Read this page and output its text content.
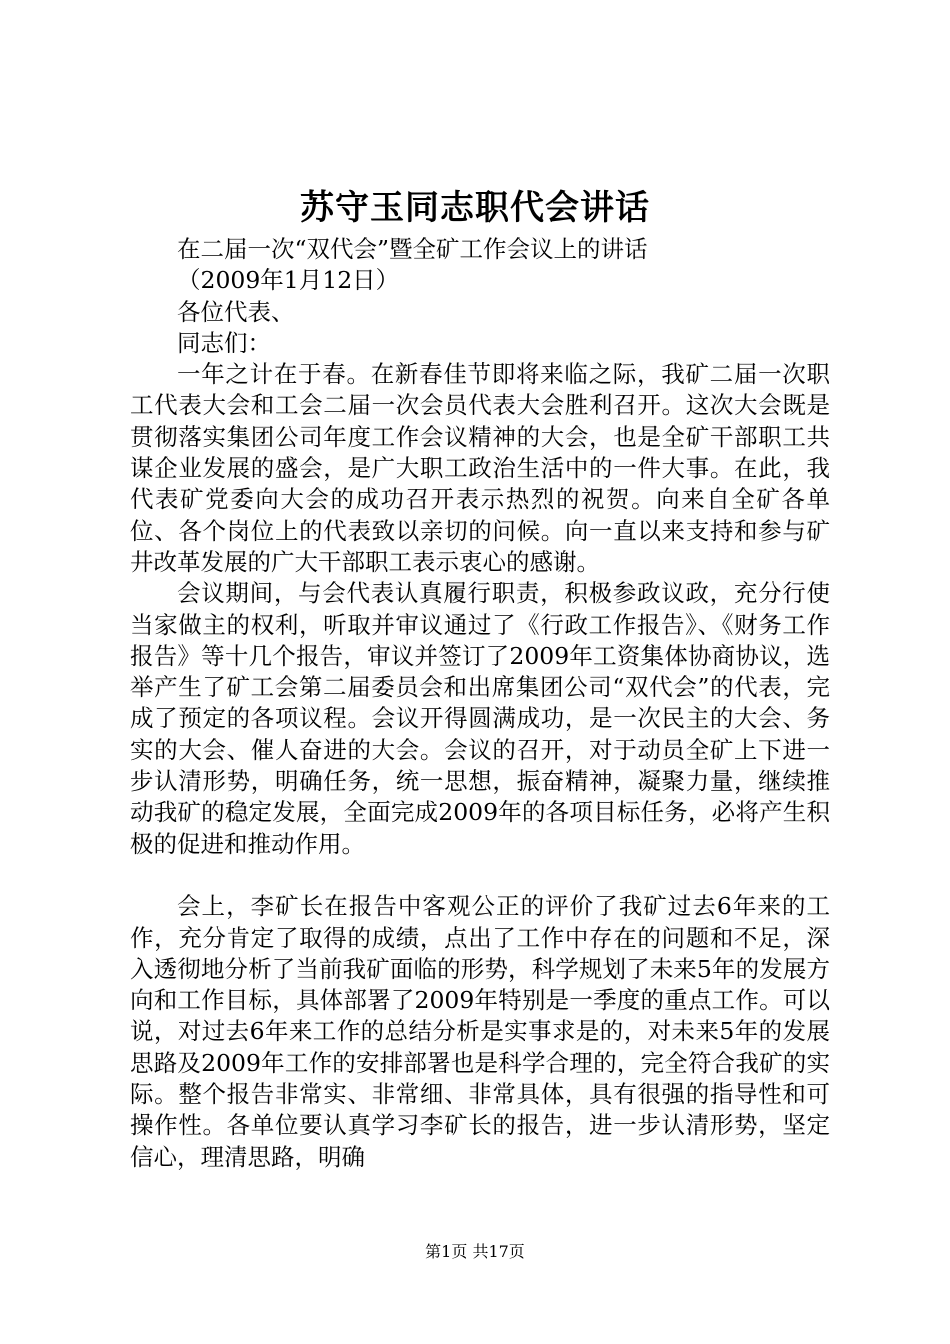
苏守玉同志职代会讲话

在二届一次“双代会”暨全矿工作会议上的讲话

（2009年1月12日）

各位代表、

同志们：

一年之计在于春。在新春佳节即将来临之际，我矿二届一次职工代表大会和工会二届一次会员代表大会胜利召开。这次大会既是贯彻落实集团公司年度工作会议精神的大会，也是全矿干部职工共谋企业发展的盛会，是广大职工政治生活中的一件大事。在此，我代表矿党委向大会的成功召开表示热烈的祝贺。向来自全矿各单位、各个岗位上的代表致以亲切的问候。向一直以来支持和参与矿井改革发展的广大干部职工表示衷心的感谢。

会议期间，与会代表认真履行职责，积极参政议政，充分行使当家做主的权利，听取并审议通过了《行政工作报告》、《财务工作报告》等十几个报告，审议并签订了2009年工资集体协商协议，选举产生了矿工会第二届委员会和出席集团公司“双代会”的代表，完成了预定的各项议程。会议开得圆满成功，是一次民主的大会、务实的大会、催人奋进的大会。会议的召开，对于动员全矿上下进一步认清形势，明确任务，统一思想，振奋精神，凝聚力量，继续推动我矿的稳定发展，全面完成2009年的各项目标任务，必将产生积极的促进和推动作用。

会上，李矿长在报告中客观公正的评价了我矿过去6年来的工作，充分肯定了取得的成绩，点出了工作中存在的问题和不足，深入透彻地分析了当前我矿面临的形势，科学规划了未来5年的发展方向和工作目标，具体部署了2009年特别是一季度的重点工作。可以说，对过去6年来工作的总结分析是实事求是的，对未来5年的发展思路及2009年工作的安排部署也是科学合理的，完全符合我矿的实际。整个报告非常实、非常细、非常具体，具有很强的指导性和可操作性。各单位要认真学习李矿长的报告，进一步认清形势，坚定信心，理清思路，明确

第1页 共17页
